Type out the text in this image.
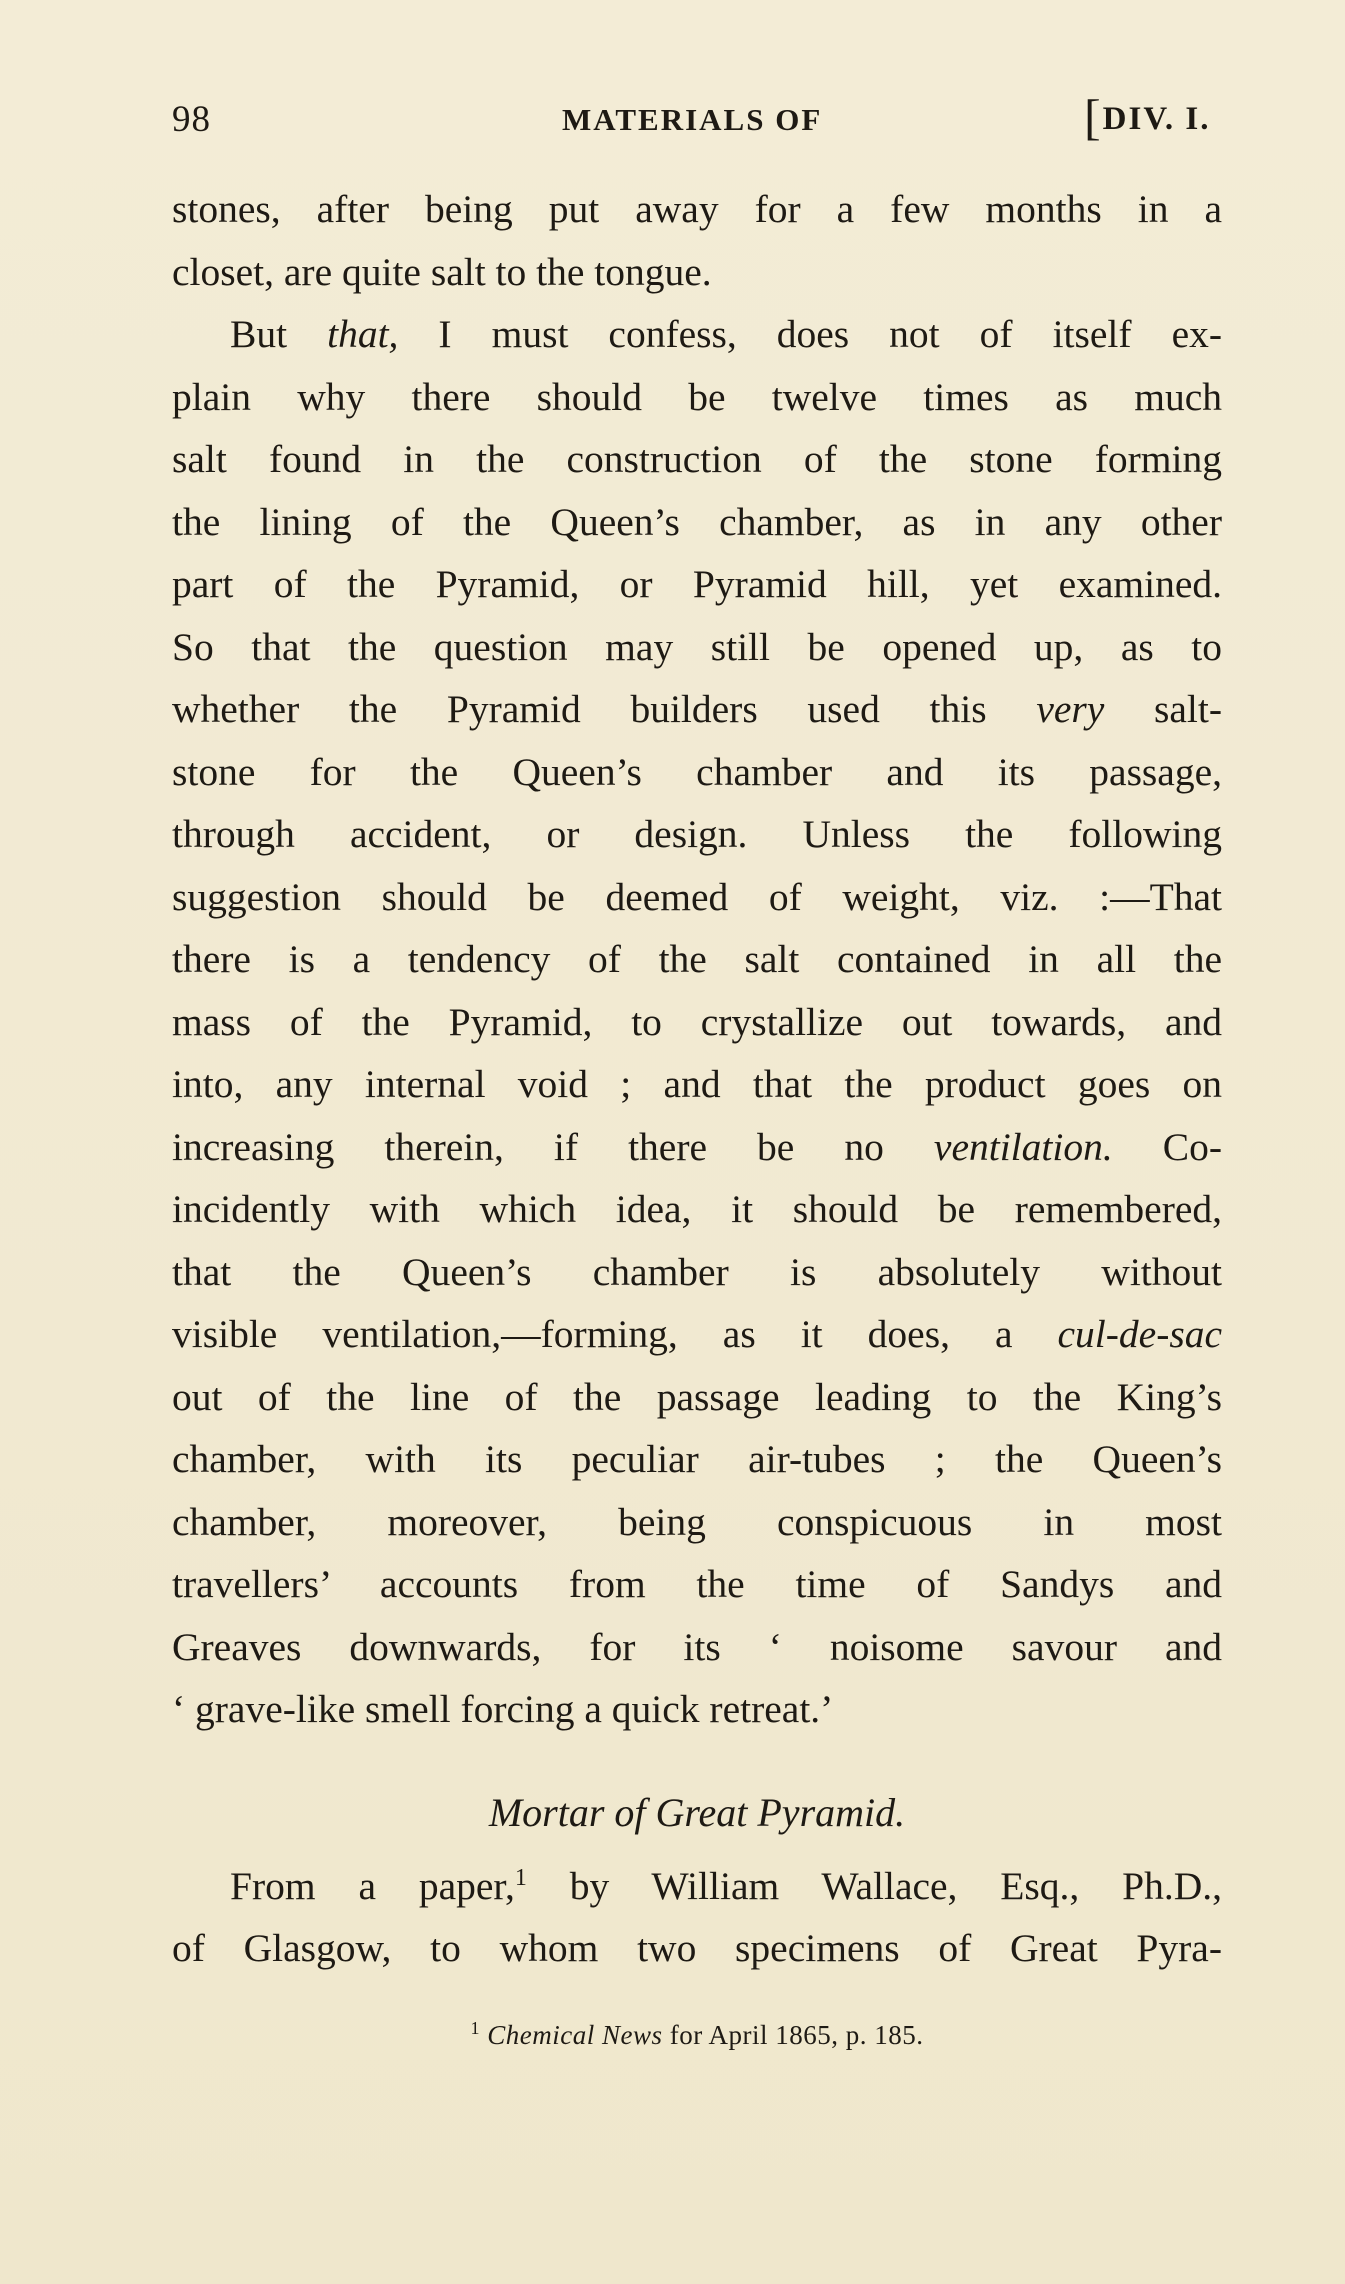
98	MATERIALS OF	[DIV. I.
stones, after being put away for a few months in a
closet, are quite salt to the tongue.
But that, I must confess, does not of itself ex-
plain why there should be twelve times as much
salt found in the construction of the stone forming
the lining of the Queen’s chamber, as in any other
part of the Pyramid, or Pyramid hill, yet examined.
So that the question may still be opened up, as to
whether the Pyramid builders used this very salt-
stone for the Queen’s chamber and its passage,
through accident, or design. Unless the following
suggestion should be deemed of weight, viz. :—That
there is a tendency of the salt contained in all the
mass of the Pyramid, to crystallize out towards, and
into, any internal void ; and that the product goes on
increasing therein, if there be no ventilation. Co-
incidently with which idea, it should be remembered,
that the Queen’s chamber is absolutely without
visible ventilation,—forming, as it does, a cul-de-sac
out of the line of the passage leading to the King’s
chamber, with its peculiar air-tubes ; the Queen’s
chamber, moreover, being conspicuous in most
travellers’ accounts from the time of Sandys and
Greaves downwards, for its ‘ noisome savour and
‘ grave-like smell forcing a quick retreat.’
Mortar of Great Pyramid.
From a paper,$^1$ by William Wallace, Esq., Ph.D.,
of Glasgow, to whom two specimens of Great Pyra-
$^1$ Chemical News for April 1865, p. 185.
